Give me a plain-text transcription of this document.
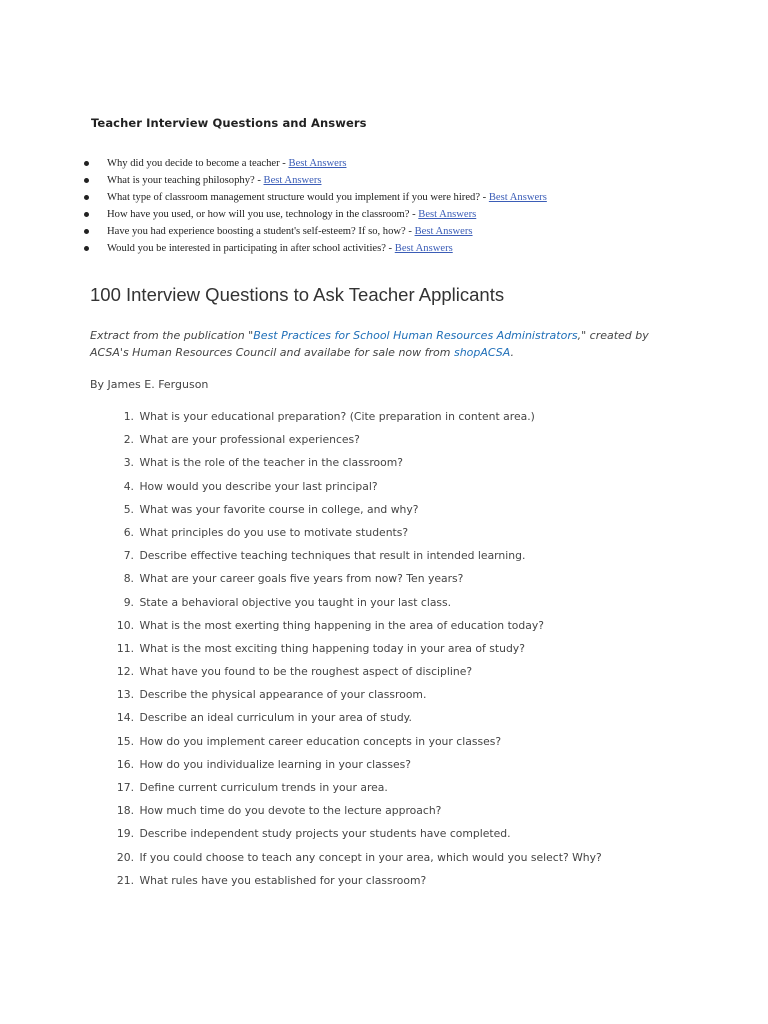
Teacher Interview Questions and Answers
Why did you decide to become a teacher - Best Answers
What is your teaching philosophy? - Best Answers
What type of classroom management structure would you implement if you were hired? - Best Answers
How have you used, or how will you use, technology in the classroom? - Best Answers
Have you had experience boosting a student's self-esteem? If so, how? - Best Answers
Would you be interested in participating in after school activities? - Best Answers
100 Interview Questions to Ask Teacher Applicants

Extract from the publication "Best Practices for School Human Resources Administrators," created by ACSA's Human Resources Council and availabe for sale now from shopACSA.

By James E. Ferguson

1. What is your educational preparation? (Cite preparation in content area.)
2. What are your professional experiences?
3. What is the role of the teacher in the classroom?
4. How would you describe your last principal?
5. What was your favorite course in college, and why?
6. What principles do you use to motivate students?
7. Describe effective teaching techniques that result in intended learning.
8. What are your career goals five years from now? Ten years?
9. State a behavioral objective you taught in your last class.
10. What is the most exerting thing happening in the area of education today?
11. What is the most exciting thing happening today in your area of study?
12. What have you found to be the roughest aspect of discipline?
13. Describe the physical appearance of your classroom.
14. Describe an ideal curriculum in your area of study.
15. How do you implement career education concepts in your classes?
16. How do you individualize learning in your classes?
17. Define current curriculum trends in your area.
18. How much time do you devote to the lecture approach?
19. Describe independent study projects your students have completed.
20. If you could choose to teach any concept in your area, which would you select? Why?
21. What rules have you established for your classroom?
